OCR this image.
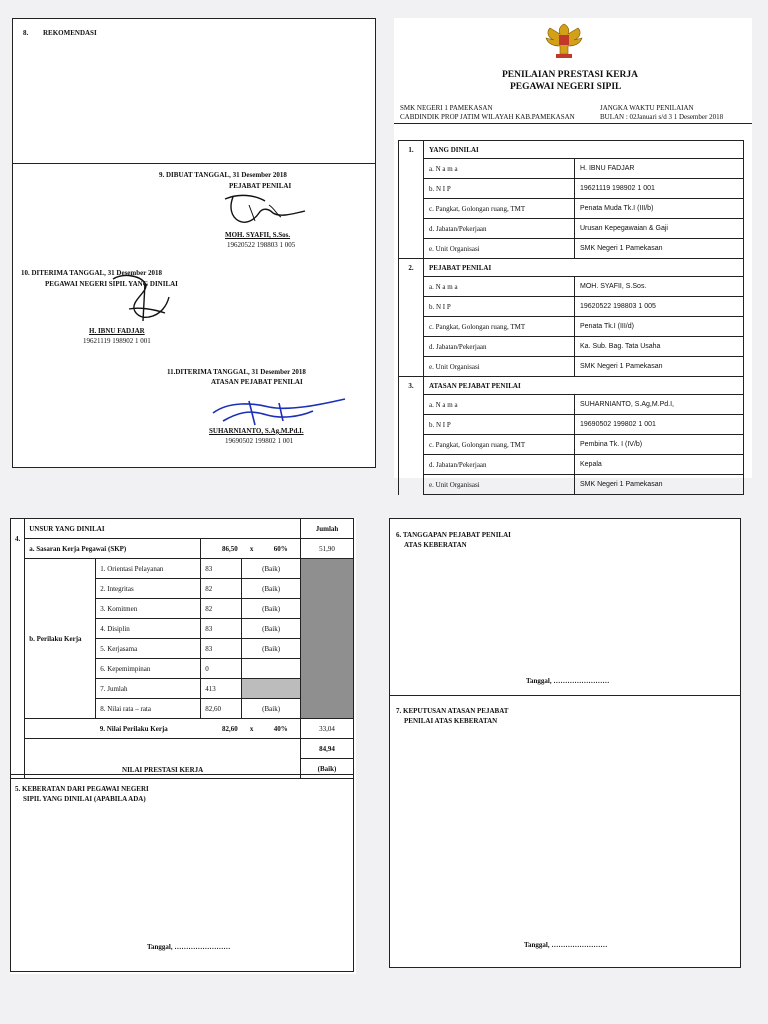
8. REKOMENDASI
9. DIBUAT TANGGAL, 31 Desember 2018
PEJABAT PENILAI
MOH. SYAFII, S.Sos.
19620522 198803 1 005
10. DITERIMA TANGGAL, 31 Desember 2018
PEGAWAI NEGERI SIPIL YANG DINILAI
H. IBNU FADJAR
19621119 198902 1 001
11.DITERIMA TANGGAL, 31 Desember 2018
ATASAN PEJABAT PENILAI
SUHARNIANTO, S.Ag.M.Pd.I.
19690502 199802 1 001
PENILAIAN PRESTASI KERJA
PEGAWAI NEGERI SIPIL
SMK NEGERI 1 PAMEKASAN
CABDINDIK PROP JATIM WILAYAH KAB.PAMEKASAN
JANGKA WAKTU PENILAIAN
BULAN : 02Januari s/d 3 1 Desember 2018
1.	YANG DINILAI	
	a. N a m a	H. IBNU FADJAR
	b. N I P	19621119 198902 1 001
	c. Pangkat, Golongan ruang, TMT	Penata Muda Tk.I (III/b)
	d. Jabatan/Pekerjaan	Urusan Kepegawaian & Gaji
	e. Unit Organisasi	SMK Negeri 1 Pamekasan
2.	PEJABAT PENILAI	
	a. N a m a	MOH. SYAFII, S.Sos.
	b. N I P	19620522 198803 1 005
	c. Pangkat, Golongan ruang, TMT	Penata Tk.I (III/d)
	d. Jabatan/Pekerjaan	Ka. Sub. Bag. Tata Usaha
	e. Unit Organisasi	SMK Negeri 1 Pamekasan
3.	ATASAN PEJABAT PENILAI	
	a. N a m a	SUHARNIANTO, S.Ag,M.Pd.I,
	b. N I P	19690502 199802 1 001
	c. Pangkat, Golongan ruang, TMT	Pembina Tk. I (IV/b)
	d. Jabatan/Pekerjaan	Kepala
	e. Unit Organisasi	SMK Negeri 1 Pamekasan
4.	UNSUR YANG DINILAI					Jumlah
	a. Sasaran Kerja Pegawai (SKP)		86,50	x	60%	51,90
	b. Perilaku Kerja	1. Orientasi Pelayanan	83	(Baik)		
		2. Integritas	82	(Baik)		
		3. Komitmen	82	(Baik)		
		4. Disiplin	83	(Baik)		
		5. Kerjasama	83	(Baik)		
		6. Kepemimpinan	0			
		7. Jumlah	413			
		8. Nilai rata – rata	82,60	(Baik)		
		9. Nilai Perilaku Kerja	82,60	x	40%	33,04
	NILAI PRESTASI KERJA					84,94
						(Baik)
5. KEBERATAN DARI PEGAWAI NEGERI
SIPIL YANG DINILAI (APABILA ADA)
Tanggal, ……………………
6. TANGGAPAN PEJABAT PENILAI
ATAS KEBERATAN
Tanggal, ……………………
7. KEPUTUSAN ATASAN PEJABAT
PENILAI ATAS KEBERATAN
Tanggal, ……………………
